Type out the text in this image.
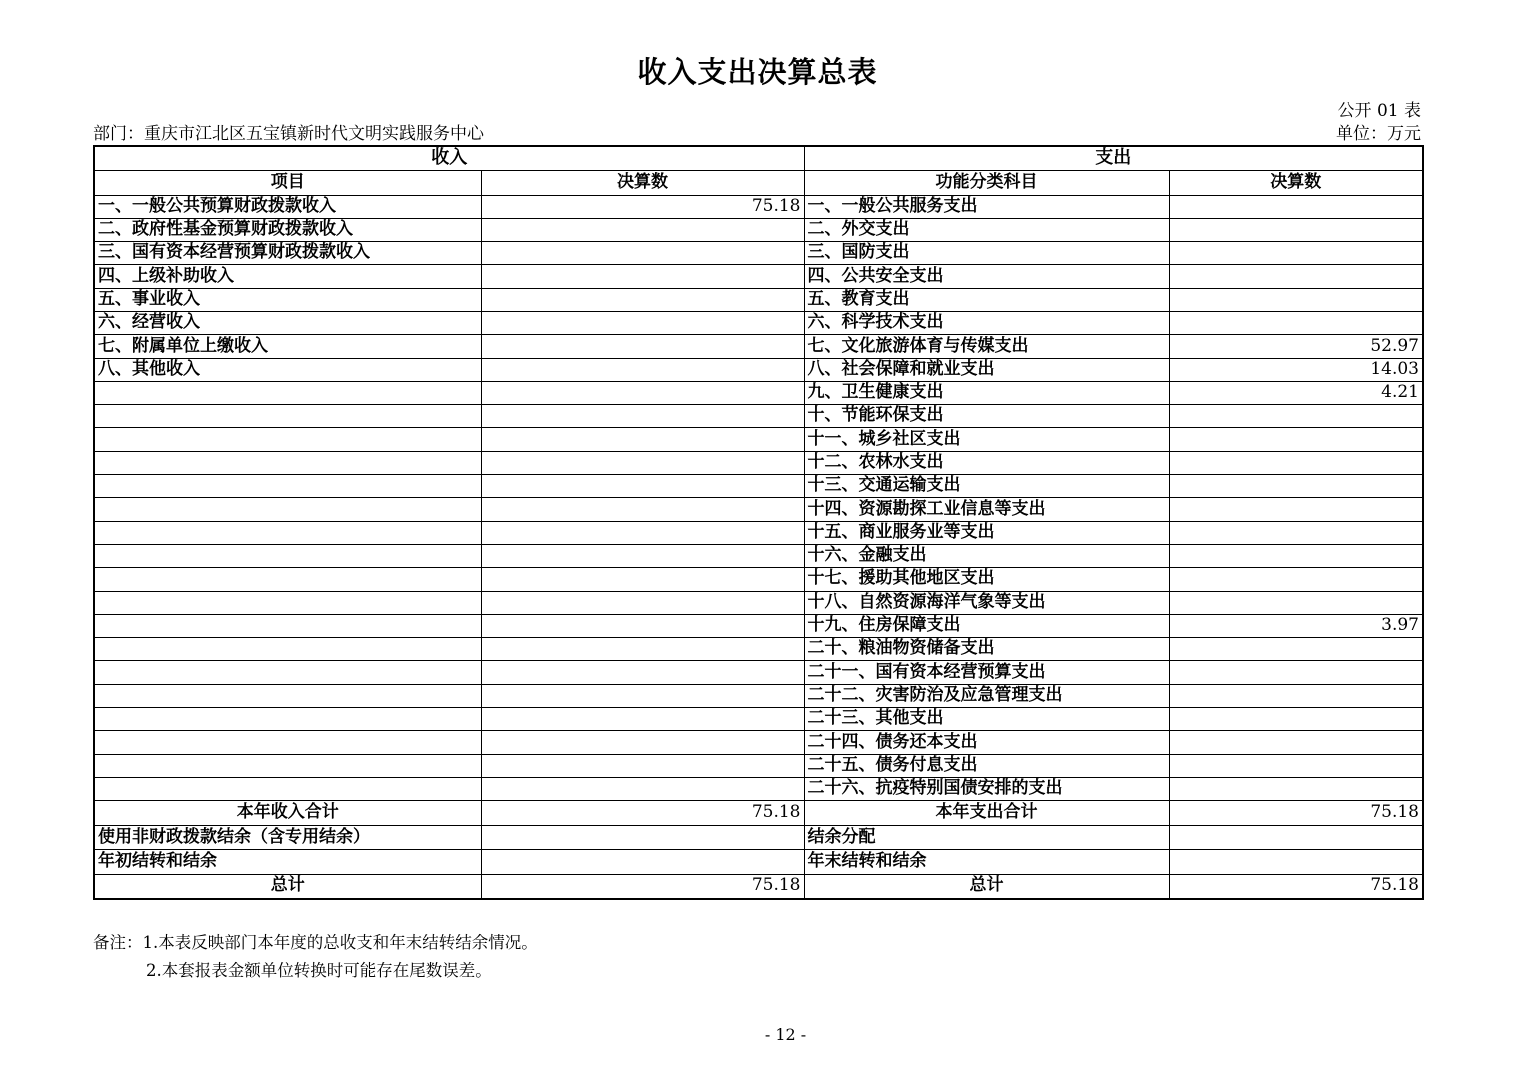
收入支出决算总表
公开 01 表
部门：重庆市江北区五宝镇新时代文明实践服务中心	单位：万元
收入		支出	
项目	决算数	功能分类科目	决算数
一、一般公共预算财政拨款收入	75.18	一、一般公共服务支出	
二、政府性基金预算财政拨款收入		二、外交支出	
三、国有资本经营预算财政拨款收入		三、国防支出	
四、上级补助收入		四、公共安全支出	
五、事业收入		五、教育支出	
六、经营收入		六、科学技术支出	
七、附属单位上缴收入		七、文化旅游体育与传媒支出	52.97
八、其他收入		八、社会保障和就业支出	14.03
		九、卫生健康支出	4.21
		十、节能环保支出	
		十一、城乡社区支出	
		十二、农林水支出	
		十三、交通运输支出	
		十四、资源勘探工业信息等支出	
		十五、商业服务业等支出	
		十六、金融支出	
		十七、援助其他地区支出	
		十八、自然资源海洋气象等支出	
		十九、住房保障支出	3.97
		二十、粮油物资储备支出	
		二十一、国有资本经营预算支出	
		二十二、灾害防治及应急管理支出	
		二十三、其他支出	
		二十四、债务还本支出	
		二十五、债务付息支出	
		二十六、抗疫特别国债安排的支出	
本年收入合计	75.18	本年支出合计	75.18
使用非财政拨款结余（含专用结余）		结余分配	
年初结转和结余		年末结转和结余	
总计	75.18	总计	75.18
备注：1.本表反映部门本年度的总收支和年末结转结余情况。
2.本套报表金额单位转换时可能存在尾数误差。
- 12 -
